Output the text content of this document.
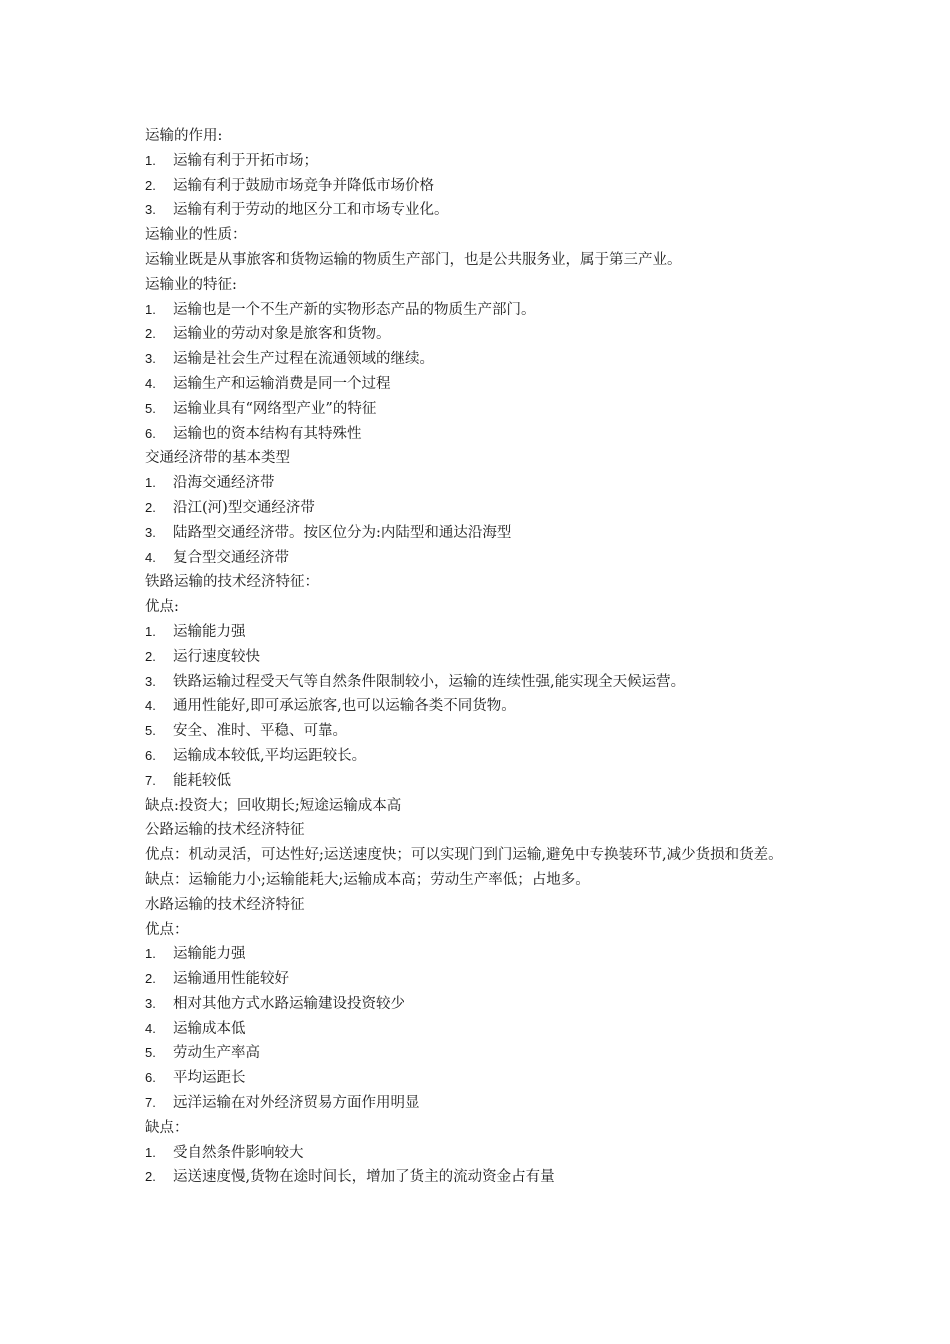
运输的作用:
1.	运输有利于开拓市场；
2.	运输有利于鼓励市场竞争并降低市场价格
3.	运输有利于劳动的地区分工和市场专业化。
运输业的性质：
运输业既是从事旅客和货物运输的物质生产部门，也是公共服务业，属于第三产业。
运输业的特征:
1.	运输也是一个不生产新的实物形态产品的物质生产部门。
2.	运输业的劳动对象是旅客和货物。
3.	运输是社会生产过程在流通领域的继续。
4.	运输生产和运输消费是同一个过程
5.	运输业具有“网络型产业”的特征
6.	运输也的资本结构有其特殊性
交通经济带的基本类型
1.	沿海交通经济带
2.	沿江(河)型交通经济带
3.	陆路型交通经济带。按区位分为:内陆型和通达沿海型
4.	复合型交通经济带
铁路运输的技术经济特征：
优点:
1.	运输能力强
2.	运行速度较快
3.	铁路运输过程受天气等自然条件限制较小，运输的连续性强,能实现全天候运营。
4.	通用性能好,即可承运旅客,也可以运输各类不同货物。
5.	安全、准时、平稳、可靠。
6.	运输成本较低,平均运距较长。
7.	能耗较低
缺点:投资大；回收期长;短途运输成本高
公路运输的技术经济特征
优点：机动灵活，可达性好;运送速度快；可以实现门到门运输,避免中专换装环节,减少货损和货差。
缺点：运输能力小;运输能耗大;运输成本高；劳动生产率低；占地多。
水路运输的技术经济特征
优点：
1.	运输能力强
2.	运输通用性能较好
3.	相对其他方式水路运输建设投资较少
4.	运输成本低
5.	劳动生产率高
6.	平均运距长
7.	远洋运输在对外经济贸易方面作用明显
缺点：
1.	受自然条件影响较大
2.	运送速度慢,货物在途时间长，增加了货主的流动资金占有量
